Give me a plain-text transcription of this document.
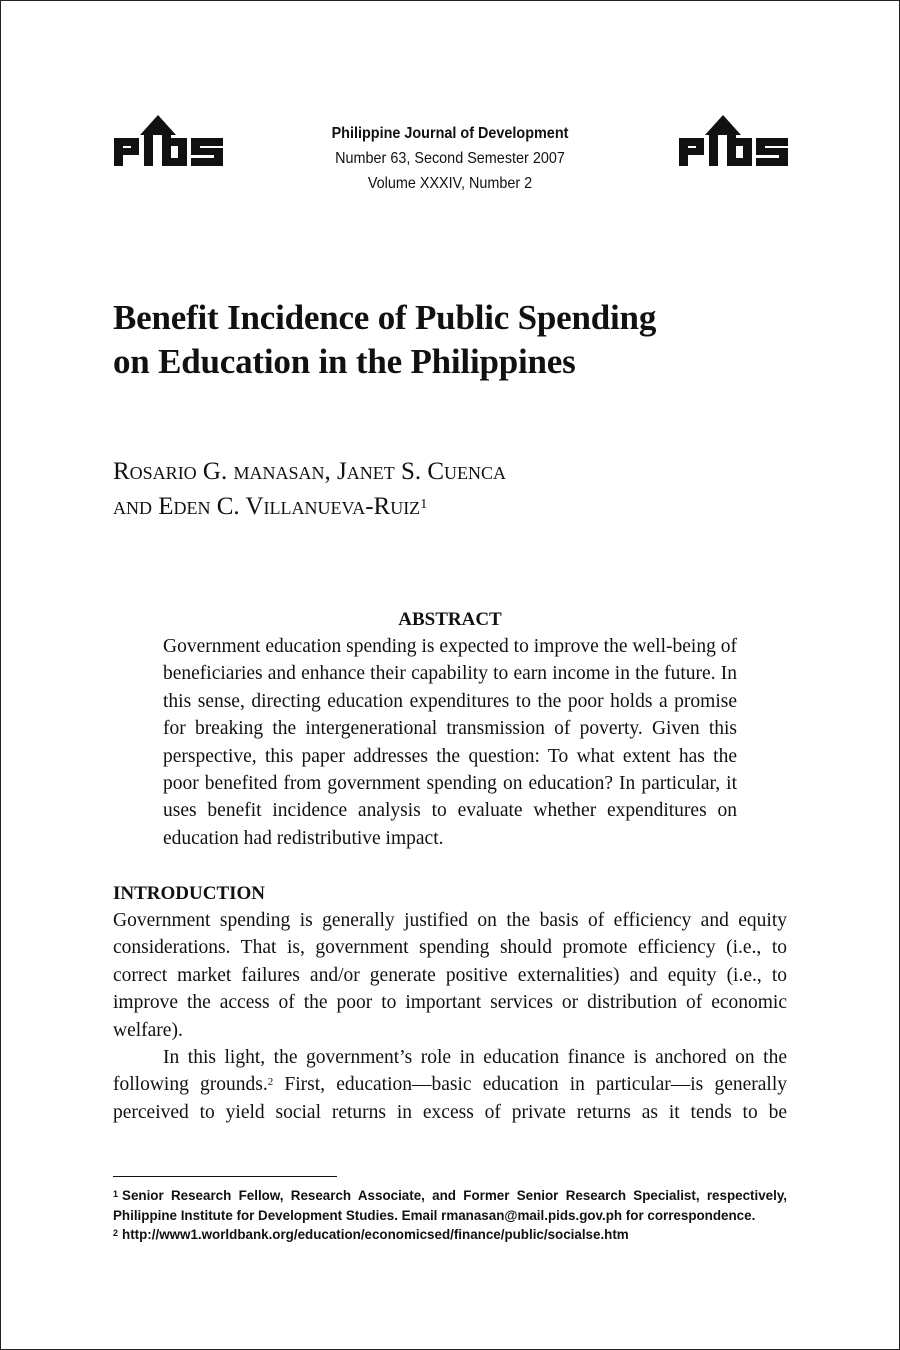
Philippine Journal of Development
Number 63, Second Semester 2007
Volume XXXIV, Number 2
Benefit Incidence of Public Spending
on Education in the Philippines
Rosario G. manasan, Janet S. Cuenca
and Eden C. Villanueva-Ruiz$^1$
ABSTRACT

Government education spending is expected to improve the well-being of beneficiaries and enhance their capability to earn income in the future. In this sense, directing education expenditures to the poor holds a promise for breaking the intergenerational transmission of poverty. Given this perspective, this paper addresses the question: To what extent has the poor benefited from government spending on education? In particular, it uses benefit incidence analysis to evaluate whether expenditures on education had redistributive impact.

INTRODUCTION

Government spending is generally justified on the basis of efficiency and equity considerations. That is, government spending should promote efficiency (i.e., to correct market failures and/or generate positive externalities) and equity (i.e., to improve the access of the poor to important services or distribution of economic welfare).

In this light, the government’s role in education finance is anchored on the following grounds.$^2$ First, education—basic education in particular—is generally perceived to yield social returns in excess of private returns as it tends to be

$^1$ Senior Research Fellow, Research Associate, and Former Senior Research Specialist, respectively, Philippine Institute for Development Studies. Email rmanasan@mail.pids.gov.ph for correspondence.

$^2$ http://www1.worldbank.org/education/economicsed/finance/public/socialse.htm
